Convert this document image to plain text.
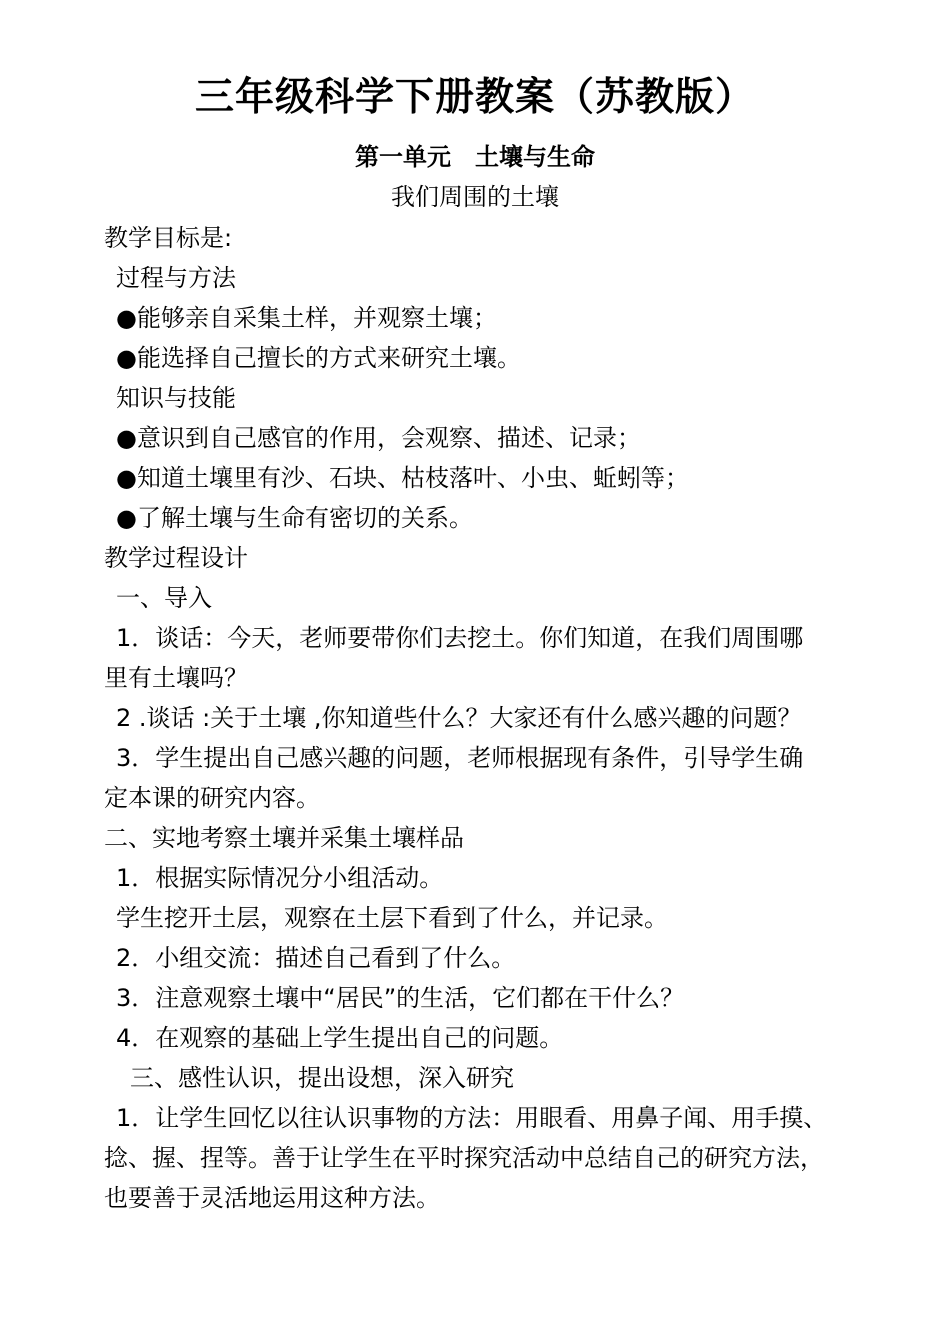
三年级科学下册教案（苏教版）
第一单元　土壤与生命
我们周围的土壤
教学目标是:
过程与方法
●能够亲自采集土样，并观察土壤；
●能选择自己擅长的方式来研究土壤。
知识与技能
●意识到自己感官的作用，会观察、描述、记录；
●知道土壤里有沙、石块、枯枝落叶、小虫、蚯蚓等；
●了解土壤与生命有密切的关系。
教学过程设计
一、导入
1．谈话：今天，老师要带你们去挖土。你们知道，在我们周围哪
里有土壤吗？
2 .谈话 :关于土壤 ,你知道些什么？大家还有什么感兴趣的问题？
3．学生提出自己感兴趣的问题，老师根据现有条件，引导学生确
定本课的研究内容。
二、实地考察土壤并采集土壤样品
1．根据实际情况分小组活动。
学生挖开土层，观察在土层下看到了什么，并记录。
2．小组交流：描述自己看到了什么。
3．注意观察土壤中“居民”的生活，它们都在干什么？
4．在观察的基础上学生提出自己的问题。
三、感性认识，提出设想，深入研究
1．让学生回忆以往认识事物的方法：用眼看、用鼻子闻、用手摸、
捻、握、捏等。善于让学生在平时探究活动中总结自己的研究方法，
也要善于灵活地运用这种方法。
